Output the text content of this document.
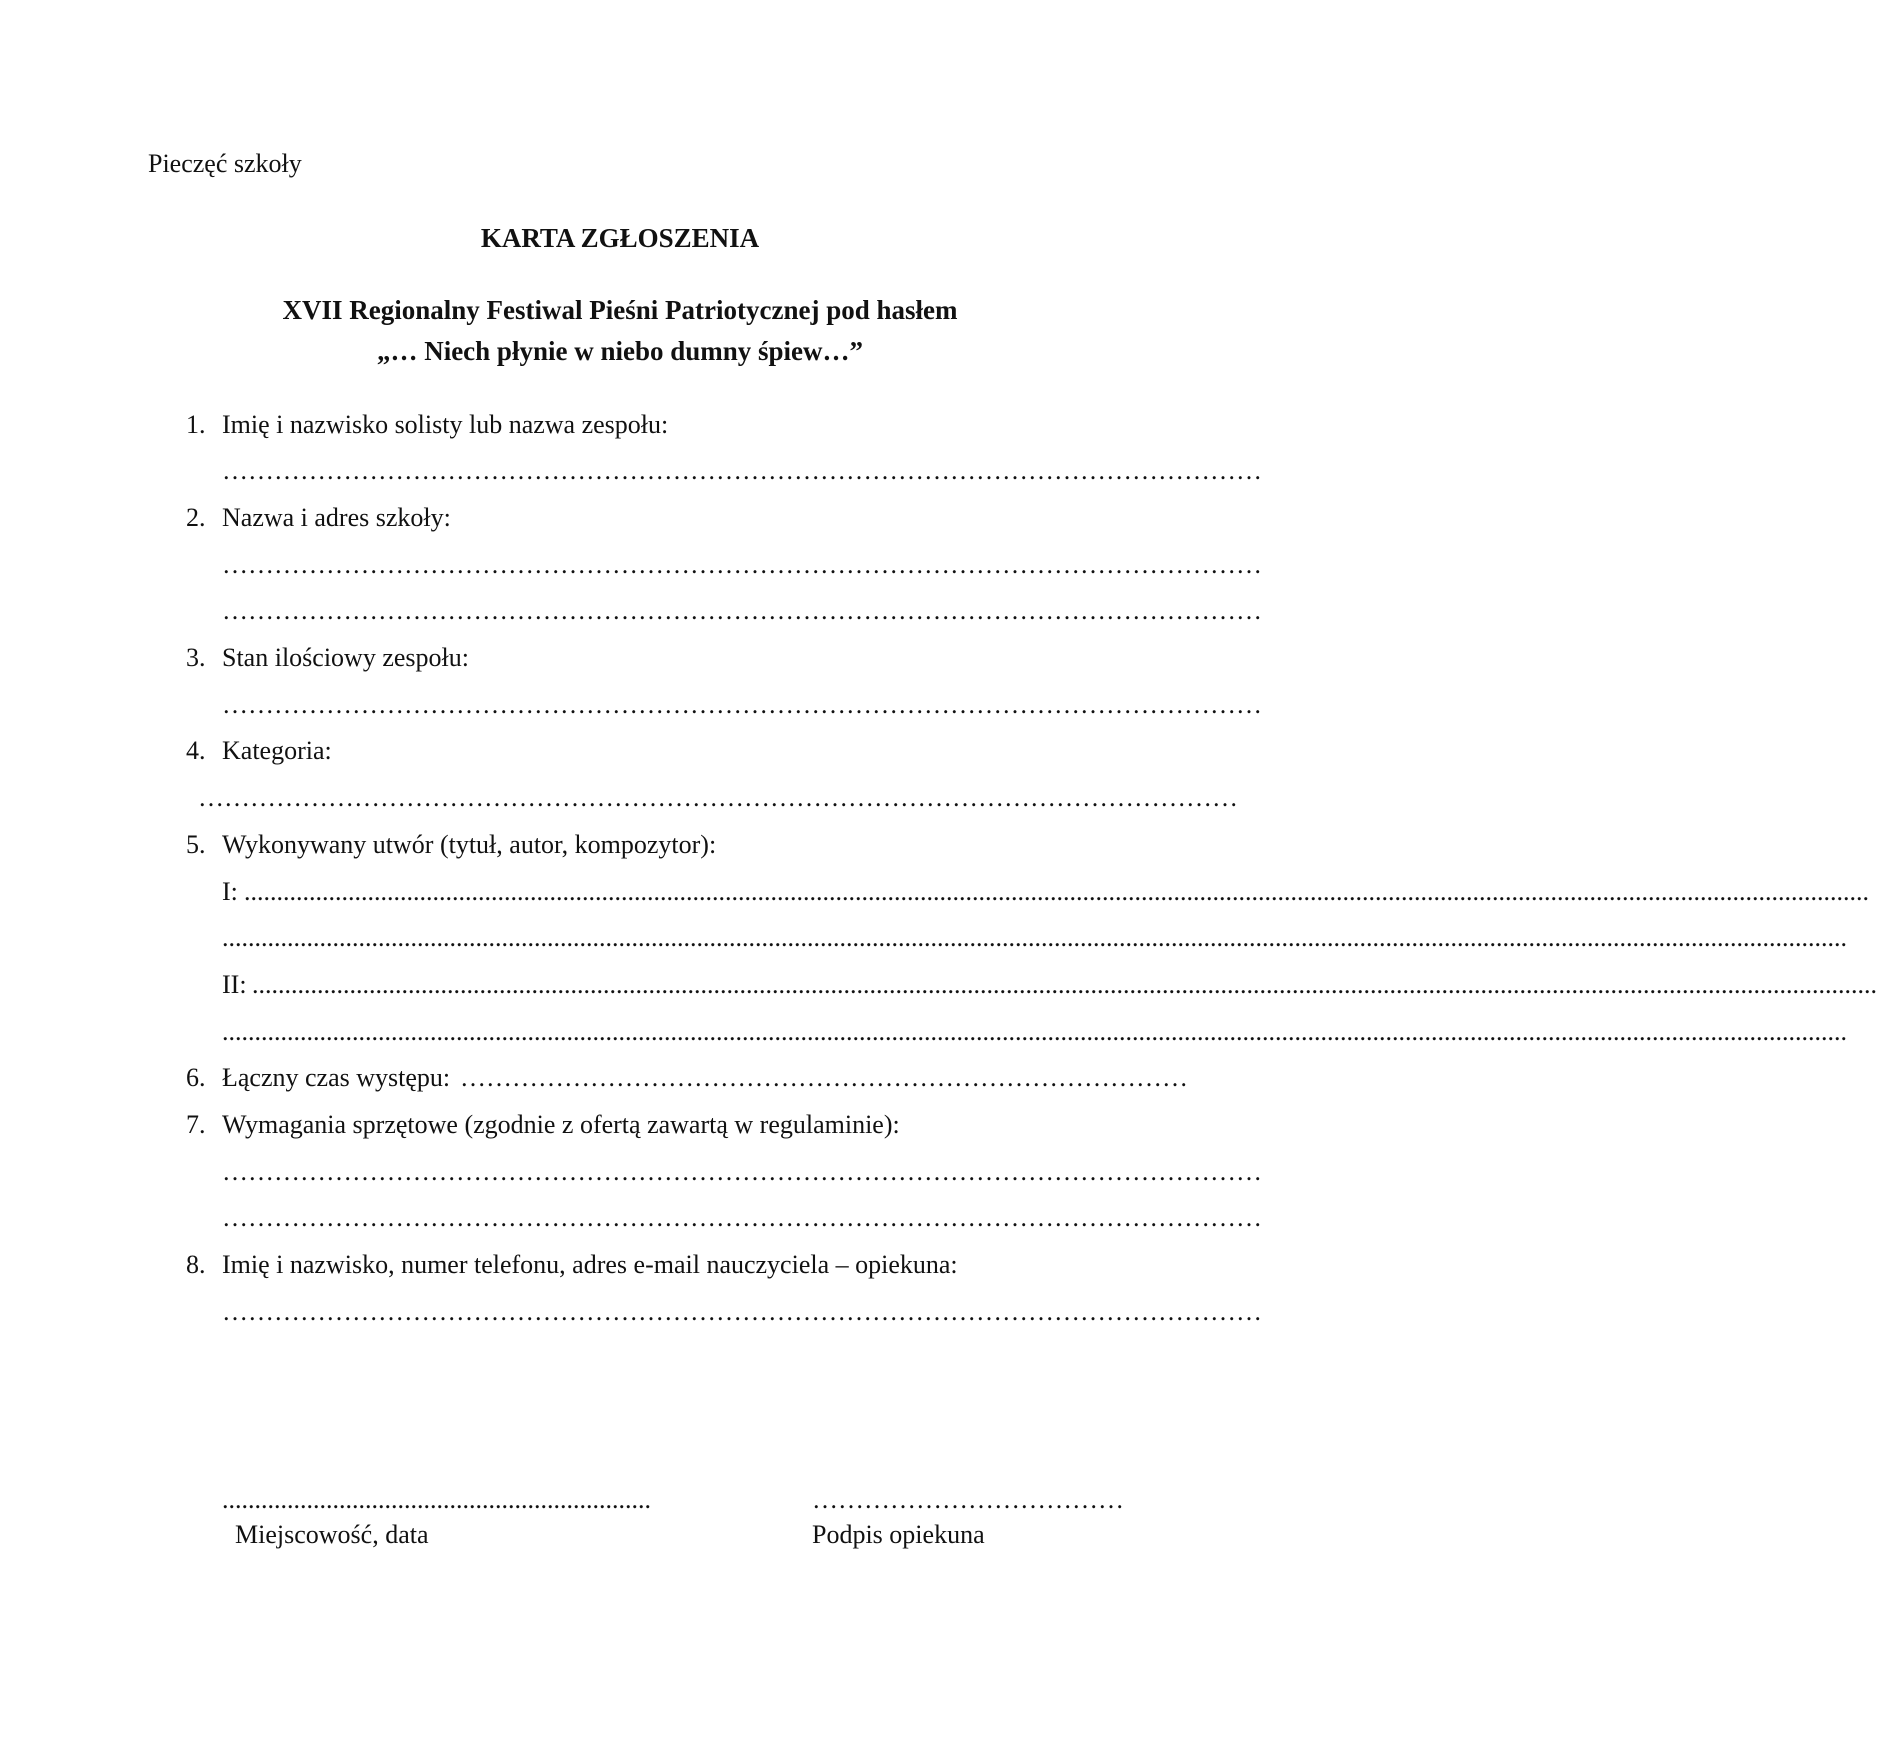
Pieczęć szkoły
KARTA ZGŁOSZENIA
XVII Regionalny Festiwal Pieśni Patriotycznej pod hasłem
„… Niech płynie w niebo dumny śpiew…”
1. Imię i nazwisko solisty lub nazwa zespołu:
…………………………………………………………………………………………………………
2. Nazwa i adres szkoły:
…………………………………………………………………………………………………………
…………………………………………………………………………………………………………
3. Stan ilościowy zespołu:
…………………………………………………………………………………………………………
4. Kategoria:
…………………………………………………………………………………………………………
5. Wykonywany utwór (tytuł, autor, kompozytor):
I: ..........................................................................................................................................................................................................................................................
..........................................................................................................................................................................................................................................................
II: ..........................................................................................................................................................................................................................................................
..........................................................................................................................................................................................................................................................
6. Łączny czas występu: …………………………………………………………………………
7. Wymagania sprzętowe (zgodnie z ofertą zawartą w regulaminie):
…………………………………………………………………………………………………………
…………………………………………………………………………………………………………
8. Imię i nazwisko, numer telefonu, adres e-mail nauczyciela – opiekuna:
…………………………………………………………………………………………………………
..................................................................
Miejscowość, data
………………………………
Podpis opiekuna
